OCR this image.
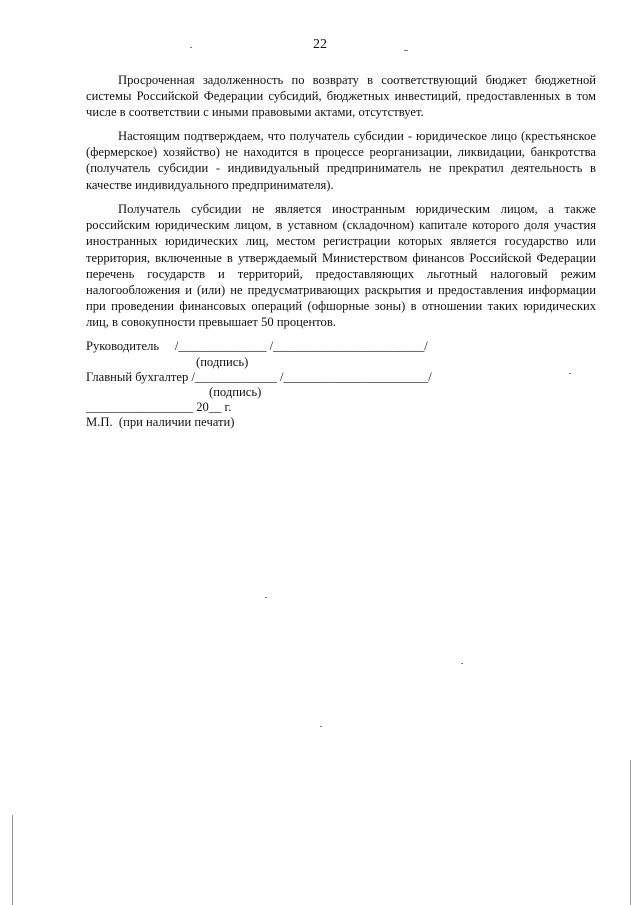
22

Просроченная задолженность по возврату в соответствующий бюджет бюджетной системы Российской Федерации субсидий, бюджетных инвестиций, предоставленных в том числе в соответствии с иными правовыми актами, отсутствует.

Настоящим подтверждаем, что получатель субсидии - юридическое лицо (крестьянское (фермерское) хозяйство) не находится в процессе реорганизации, ликвидации, банкротства (получатель субсидии - индивидуальный предприниматель не прекратил деятельность в качестве индивидуального предпринимателя).

Получатель субсидии не является иностранным юридическим лицом, а также российским юридическим лицом, в уставном (складочном) капитале которого доля участия иностранных юридических лиц, местом регистрации которых является государство или территория, включенные в утверждаемый Министерством финансов Российской Федерации перечень государств и территорий, предоставляющих льготный налоговый режим налогообложения и (или) не предусматривающих раскрытия и предоставления информации при проведении финансовых операций (офшорные зоны) в отношении таких юридических лиц, в совокупности превышает 50 процентов.

Руководитель     /______________ /________________________/
(подпись)
Главный бухгалтер /_____________ /_______________________/
(подпись)
_________________ 20__ г.
М.П.  (при наличии печати)
